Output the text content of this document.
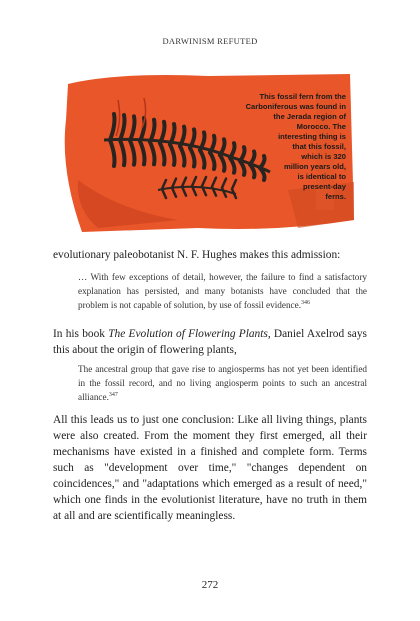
DARWINISM REFUTED
This fossil fern from the
Carboniferous was found in
the Jerada region of
Morocco. The
interesting thing is
that this fossil,
which is 320
million years old,
is identical to
present-day
ferns.

evolutionary paleobotanist N. F. Hughes makes this admission:

… With few exceptions of detail, however, the failure to find a satisfactory explanation has persisted, and many botanists have concluded that the problem is not capable of solution, by use of fossil evidence.$^{346}$

In his book The Evolution of Flowering Plants, Daniel Axelrod says this about the origin of flowering plants,

The ancestral group that gave rise to angiosperms has not yet been identified in the fossil record, and no living angiosperm points to such an ancestral alliance.$^{347}$

All this leads us to just one conclusion: Like all living things, plants were also created. From the moment they first emerged, all their mechanisms have existed in a finished and complete form. Terms such as "development over time," "changes dependent on coincidences," and "adaptations which emerged as a result of need," which one finds in the evolutionist literature, have no truth in them at all and are scientifically meaningless.

272
